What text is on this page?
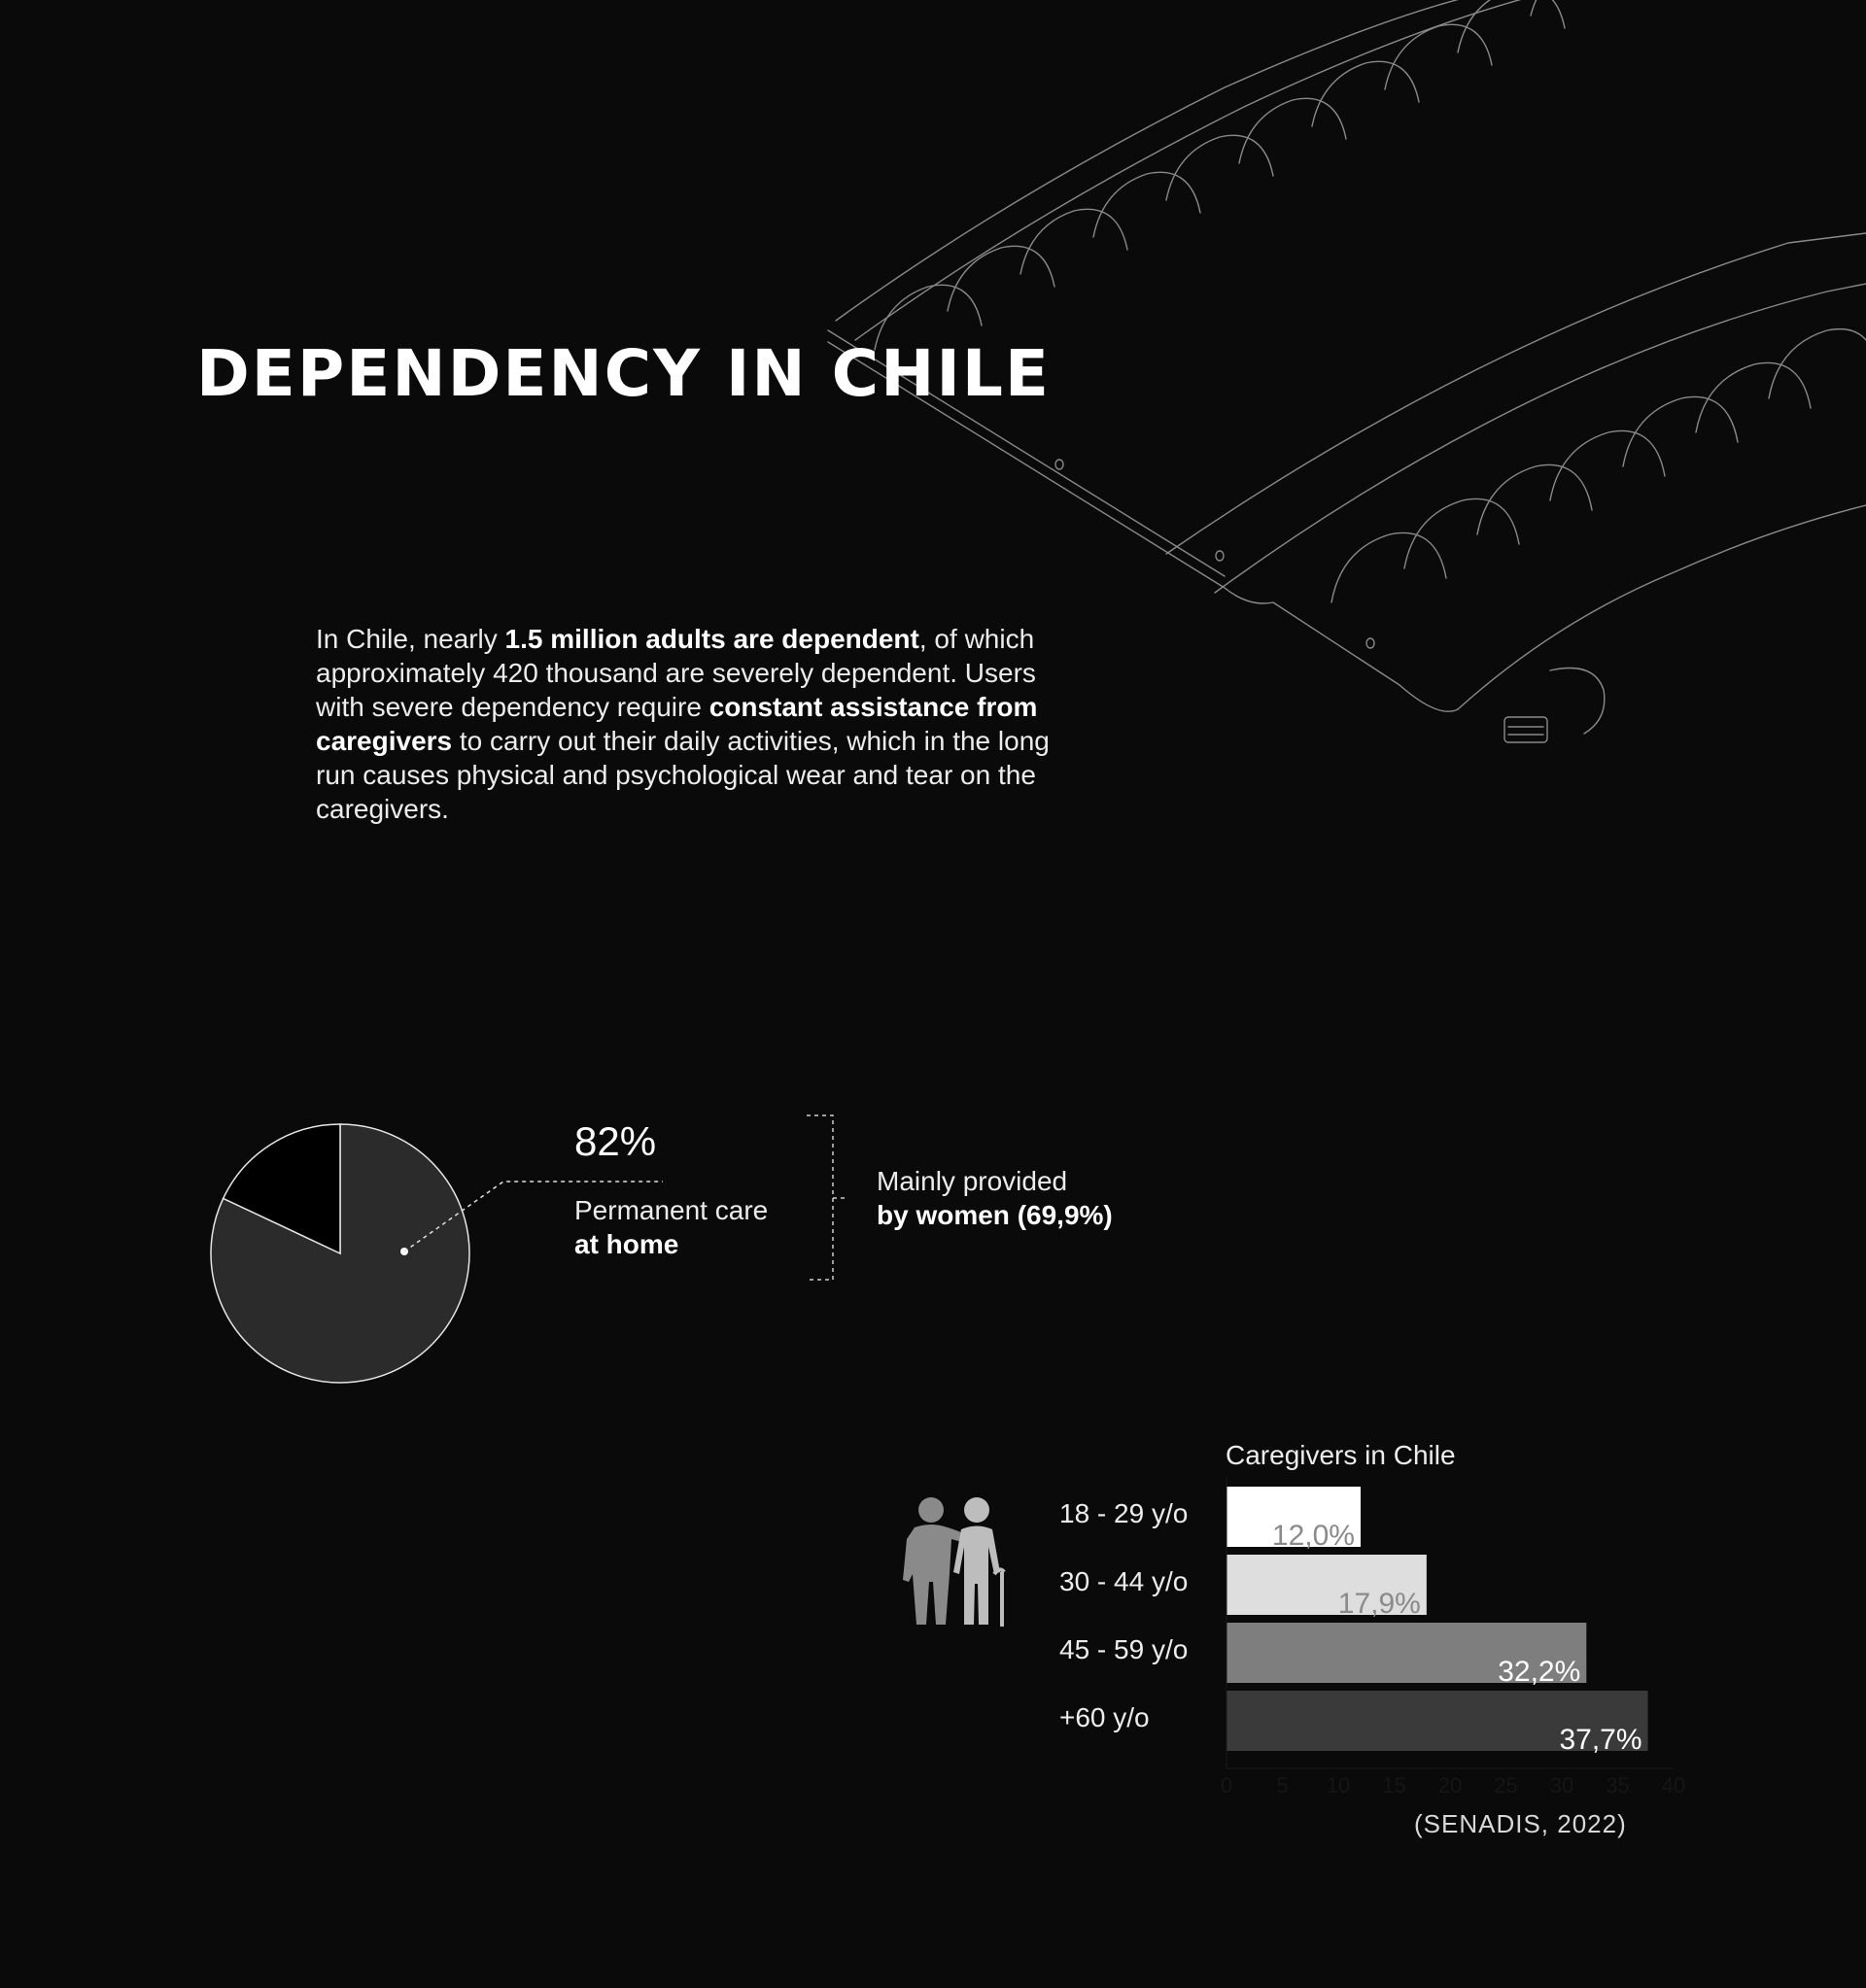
DEPENDENCY IN CHILE

In Chile, nearly 1.5 million adults are dependent, of which approximately 420 thousand are severely dependent. Users with severe dependency require constant assistance from caregivers to carry out their daily activities, which in the long run causes physical and psychological wear and tear on the caregivers.

82%
Permanent care
at home
Mainly provided
by women (69,9%)
Caregivers in Chile
18 - 29 y/o
30 - 44 y/o
45 - 59 y/o
+60 y/o
12,0%
17,9%
32,2%
37,7%
0 5 10 15 20 25 30 35 40
(SENADIS, 2022)
